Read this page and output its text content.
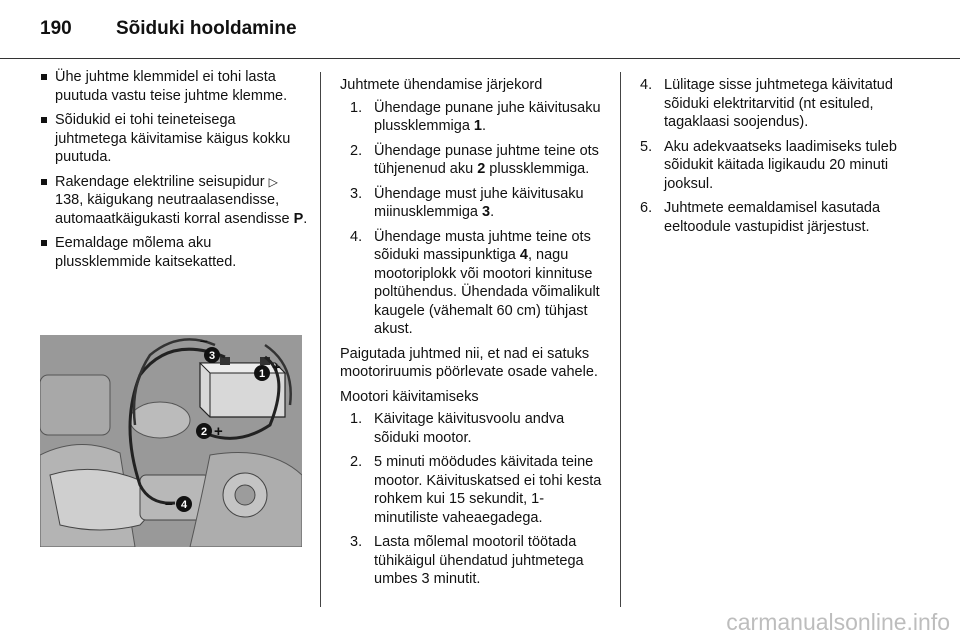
190	Sõiduki hooldamine
Ühe juhtme klemmidel ei tohi lasta puutuda vastu teise juhtme klemme.
Sõidukid ei tohi teineteisega juhtmetega käivitamise käigus kokku puutuda.
Rakendage elektriline seisupidur ▷ 138, käigukang neutraalasendisse, automaatkäigukasti korral asendisse P.
Eemaldage mõlema aku plussklemmide kaitsekatted.
3
–
1 +
2 +
4
–

Juhtmete ühendamise järjekord

1. Ühendage punane juhe käivitusaku plussklemmiga 1.
2. Ühendage punase juhtme teine ots tühjenenud aku 2 plussklemmiga.
3. Ühendage must juhe käivitusaku miinusklemmiga 3.
4. Ühendage musta juhtme teine ots sõiduki massipunktiga 4, nagu mootoriplokk või mootori kinnituse poltühendus. Ühendada võimalikult kaugele (vähemalt 60 cm) tühjast akust.

Paigutada juhtmed nii, et nad ei satuks mootoriruumis pöörlevate osade vahele.

Mootori käivitamiseks

1. Käivitage käivitusvoolu andva sõiduki mootor.
2. 5 minuti möödudes käivitada teine mootor. Käivituskatsed ei tohi kesta rohkem kui 15 sekundit, 1-minutiliste vaheaegadega.
3. Lasta mõlemal mootoril töötada tühikäigul ühendatud juhtmetega umbes 3 minutit.
4. Lülitage sisse juhtmetega käivitatud sõiduki elektritarvitid (nt esituled, tagaklaasi soojendus).
5. Aku adekvaatseks laadimiseks tuleb sõidukit käitada ligikaudu 20 minuti jooksul.
6. Juhtmete eemaldamisel kasutada eeltoodule vastupidist järjestust.
carmanualsonline.info
